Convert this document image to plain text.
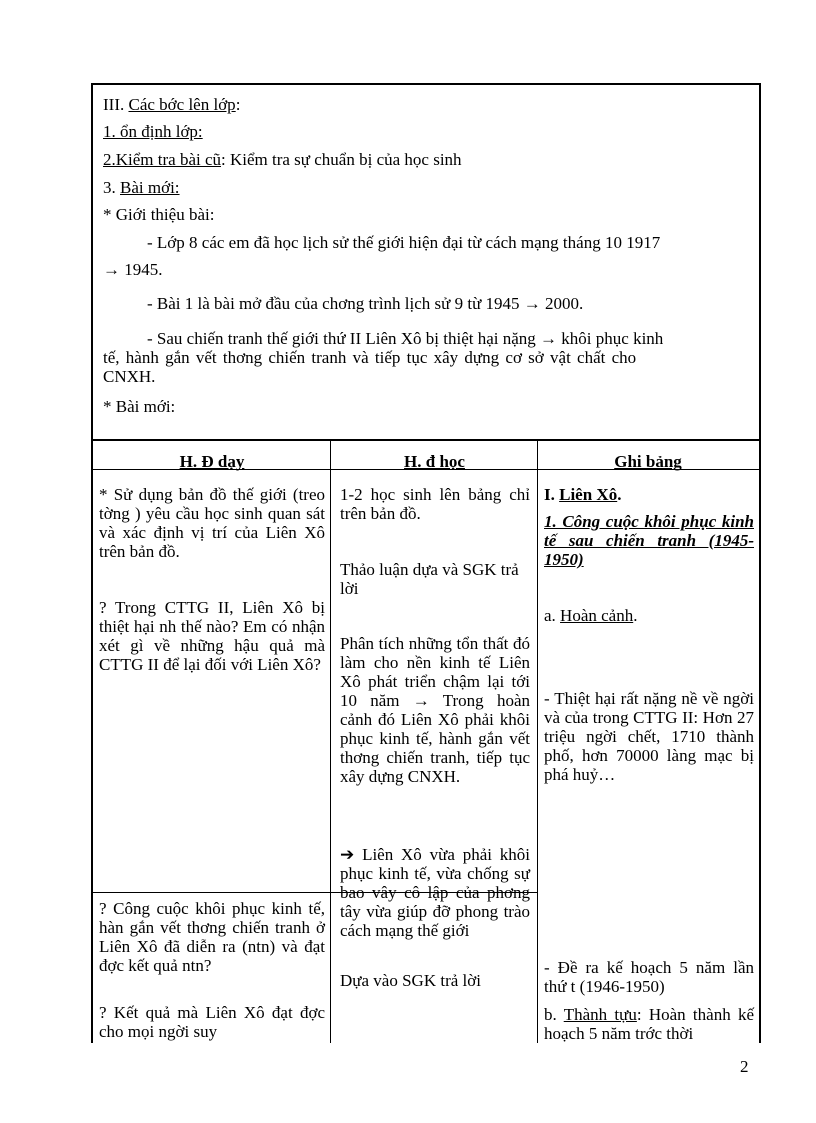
III. Các bớc lên lớp:
1. ổn định lớp:
2.Kiểm tra bài cũ: Kiểm tra sự chuẩn bị của học sinh
3. Bài mới:
* Giới thiệu bài:
- Lớp 8 các em đã học lịch sử thế giới hiện đại từ cách mạng tháng 10 1917
→ 1945.
- Bài 1 là bài mở đầu của chơng trình lịch sử 9 từ 1945 → 2000.
- Sau chiến tranh thế giới thứ II Liên Xô bị thiệt hại nặng → khôi phục kinh
tế, hành gắn vết thơng chiến tranh và tiếp tục xây dựng cơ sở vật chất cho
CNXH.
* Bài mới:
H. Đ dạy	H. đ học	Ghi bảng
* Sử dụng bản đồ thế giới (treo tờng ) yêu cầu học sinh quan sát và xác định vị trí của Liên Xô trên bản đồ.
? Trong CTTG II, Liên Xô bị thiệt hại nh thế nào? Em có nhận xét gì về những hậu quả mà CTTG II để lại đối với Liên Xô?
? Công cuộc khôi phục kinh tế, hàn gắn vết thơng chiến tranh ở Liên Xô đã diễn ra (ntn) và đạt đợc kết quả ntn?
? Kết quả mà Liên Xô đạt đợc cho mọi ngời suy
1-2 học sinh lên bảng chỉ trên bản đồ.
Thảo luận dựa và SGK trả lời
Phân tích những tổn thất đó làm cho nền kinh tế Liên Xô phát triển chậm lại tới 10 năm → Trong hoàn cảnh đó Liên Xô phải khôi phục kinh tế, hành gắn vết thơng chiến tranh, tiếp tục xây dựng CNXH.
➔ Liên Xô vừa phải khôi phục kinh tế, vừa chống sự bao vây cô lập của phơng tây vừa giúp đỡ phong trào cách mạng thế giới
Dựa vào SGK trả lời
I. Liên Xô.
1. Công cuộc khôi phục kinh tế sau chiến tranh (1945- 1950)
a. Hoàn cảnh.
- Thiệt hại rất nặng nề về ngời và của trong CTTG II: Hơn 27 triệu ngời chết, 1710 thành phố, hơn 70000 làng mạc bị phá huỷ…
- Đề ra kế hoạch 5 năm lần thứ t (1946-1950)
b. Thành tựu: Hoàn thành kế hoạch 5 năm trớc thời
2
